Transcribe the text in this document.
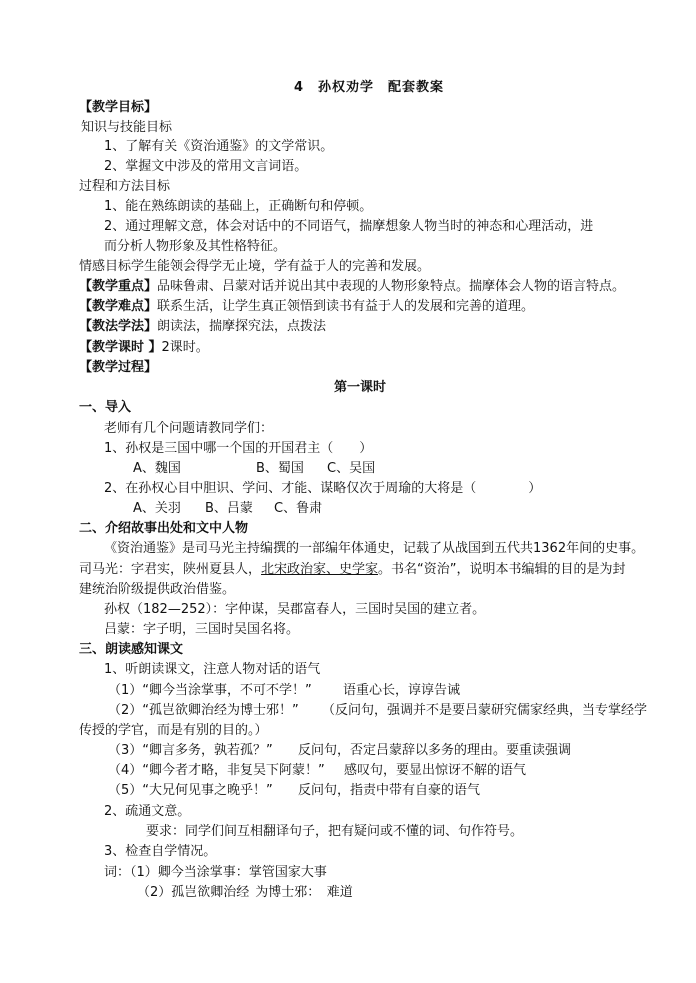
4　孙权劝学　配套教案
【教学目标】
知识与技能目标
1、了解有关《资治通鉴》的文学常识。
2、掌握文中涉及的常用文言词语。
过程和方法目标
1、能在熟练朗读的基础上，正确断句和停顿。
2、通过理解文意，体会对话中的不同语气，揣摩想象人物当时的神态和心理活动，进
而分析人物形象及其性格特征。
情感目标学生能领会得学无止境，学有益于人的完善和发展。
【教学重点】品味鲁肃、吕蒙对话并说出其中表现的人物形象特点。揣摩体会人物的语言特点。
【教学难点】联系生活，让学生真正领悟到读书有益于人的发展和完善的道理。
【教法学法】朗读法，揣摩探究法，点拨法
【教学课时 】2课时。
【教学过程】
第一课时
一、导入
老师有几个问题请教同学们：
1、孙权是三国中哪一个国的开国君主（　　）
A、魏国	B、蜀国 C、吴国
2、在孙权心目中胆识、学问、才能、谋略仅次于周瑜的大将是（　　　　）
A、关羽 B、吕蒙 C、鲁肃
二、介绍故事出处和文中人物
《资治通鉴》是司马光主持编撰的一部编年体通史，记载了从战国到五代共1362年间的史事。
司马光：字君实，陕州夏县人，北宋政治家、史学家。书名“资治”，说明本书编辑的目的是为封
建统治阶级提供政治借鉴。
孙权（182—252）：字仲谋，吴郡富春人，三国时吴国的建立者。
吕蒙：字子明，三国时吴国名将。
三、朗读感知课文
1、听朗读课文，注意人物对话的语气
（1）“卿今当涂掌事，不可不学！” 语重心长，谆谆告诫
（2）“孤岂欲卿治经为博士邪！” （反问句，强调并不是要吕蒙研究儒家经典，当专掌经学
传授的学官，而是有别的目的。）
（3）“卿言多务，孰若孤？” 反问句，否定吕蒙辞以多务的理由。要重读强调
（4）“卿今者才略，非复吴下阿蒙！” 感叹句，要显出惊讶不解的语气
（5）“大兄何见事之晚乎！” 反问句，指责中带有自豪的语气
2、疏通文意。
要求：同学们间互相翻译句子，把有疑问或不懂的词、句作符号。
3、检查自学情况。
词：（1）卿今当涂掌事：掌管国家大事
（2）孤岂欲卿治经 为博士邪：　难道
